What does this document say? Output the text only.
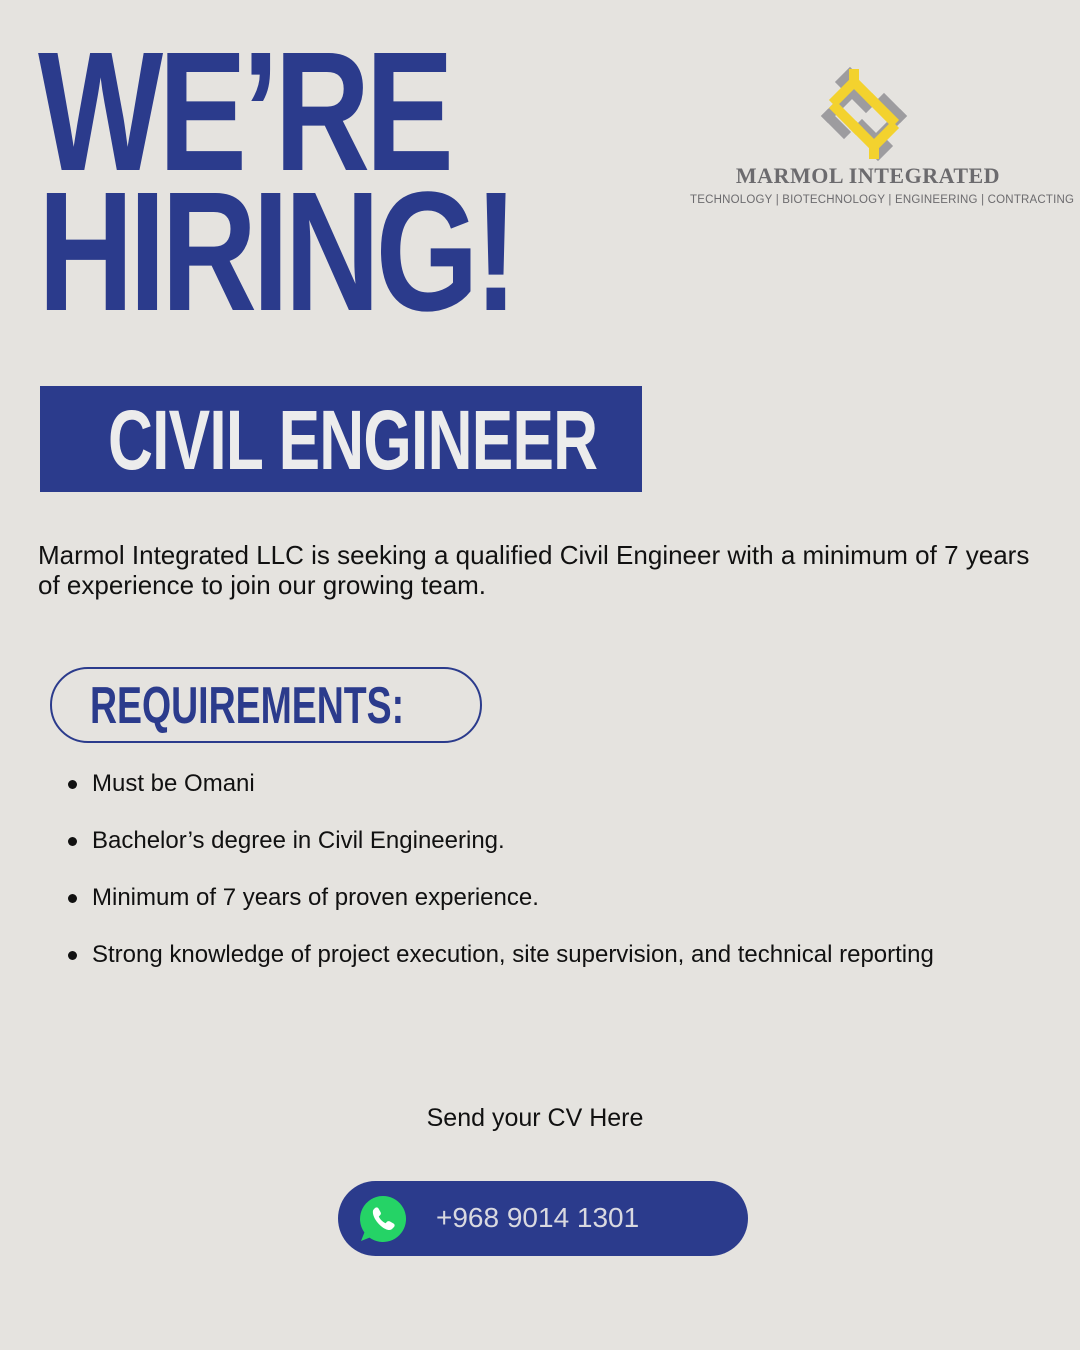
WE’RE
HIRING!	MARMOL INTEGRATED
TECHNOLOGY | BIOTECHNOLOGY | ENGINEERING | CONTRACTING
CIVIL ENGINEER

Marmol Integrated LLC is seeking a qualified Civil Engineer with a minimum of 7 years of experience to join our growing team.

REQUIREMENTS:
Must be Omani
Bachelor’s degree in Civil Engineering.
Minimum of 7 years of proven experience.
Strong knowledge of project execution, site supervision, and technical reporting

Send your CV Here

+968 9014 1301
